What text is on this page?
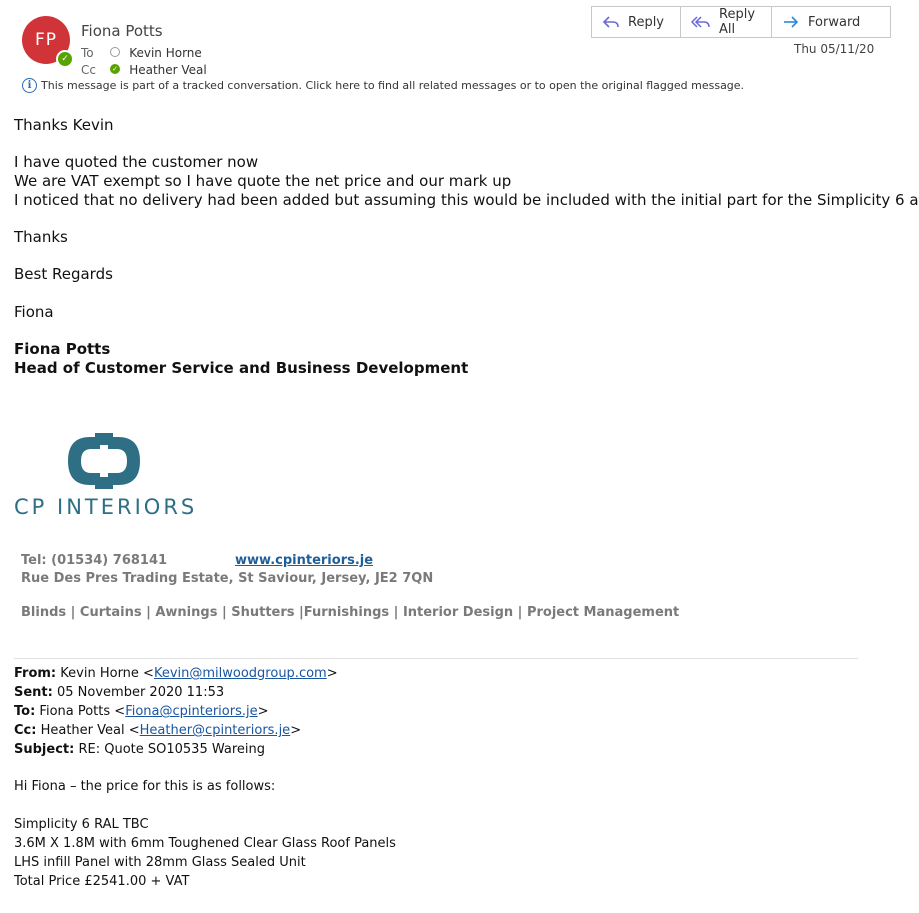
FP
✓
Fiona Potts
To	Kevin Horne
Cc ✓ Heather Veal
Reply	Reply All	Forward
Thu 05/11/20
i This message is part of a tracked conversation. Click here to find all related messages or to open the original flagged message.
Thanks Kevin
I have quoted the customer now
We are VAT exempt so I have quote the net price and our mark up
I noticed that no delivery had been added but assuming this would be included with the initial part for the Simplicity 6 a
Thanks
Best Regards
Fiona
Fiona Potts
Head of Customer Service and Business Development
CP INTERIORS
Tel: (01534) 768141	www.cpinteriors.je
Rue Des Pres Trading Estate, St Saviour, Jersey, JE2 7QN
Blinds | Curtains | Awnings | Shutters |Furnishings | Interior Design | Project Management
From: Kevin Horne <Kevin@milwoodgroup.com>
Sent: 05 November 2020 11:53
To: Fiona Potts <Fiona@cpinteriors.je>
Cc: Heather Veal <Heather@cpinteriors.je>
Subject: RE: Quote SO10535 Wareing
Hi Fiona – the price for this is as follows:
Simplicity 6 RAL TBC
3.6M X 1.8M with 6mm Toughened Clear Glass Roof Panels
LHS infill Panel with 28mm Glass Sealed Unit
Total Price £2541.00 + VAT
